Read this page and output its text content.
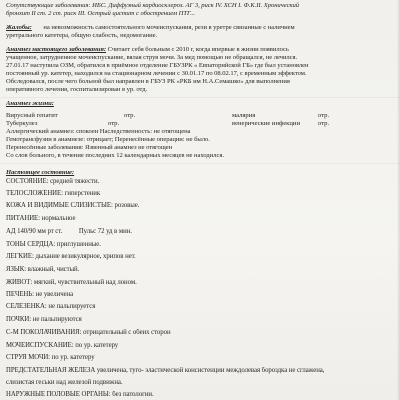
Сопутствующие заболевания: ИБС. Диффузный кардиосклероз. АГ 3, риск IV. ХСН I. Ф.К.II. Хронический
бронхит II ст. 2 ст. риск III. Острый цистит с обострением ПТГ...
Жалобы: на невозможность самостоятельного мочеиспускания, рези в уретре связанные с наличием
уретрального катетера, общую слабость, недомогание.
Анамнез настоящего заболевания: Считает себя больным с 2010 г, когда впервые в жизни появилось
учащенное, затрудненное мочеиспускание, вялая струя мочи. За мед помощью не обращался, не лечился.
27.01.17 наступила ОЗМ, обратился в приёмное отделение ГБУЗРК « Евпаторийской ГБ» где был установлен
постоянный ур. катетер, находился на стационарном лечении с 30.01.17 по 08.02.17, с временным эффектом.
Обследовался, после чего больной был направлен в ГБУЗ РК «РКБ им Н.А.Семашко» для выполнения
оперативного лечения, госпитализирован в ур. отд.
Анамнез жизни:
Вирусный гепатит	отр.	малярия	отр.
Туберкулез	отр.	венерические инфекции	отр.
Аллергический анамнез: спокоен Наследственность: не отягощена
Гемотрансфузии в анамнезе: отрицает; Перенесённые операции: не было.
Перенесённые заболевания: Язвенный анамнез не отягощен
Со слов больного, в течение последних 12 календарных месяцев не находился.
Настоящее состояние:
СОСТОЯНИЕ: средней тяжести.
ТЕЛОСЛОЖЕНИЕ: гиперстеник
КОЖА И ВИДИМЫЕ СЛИЗИСТЫЕ: розовые.
ПИТАНИЕ: нормальное
АД 140/90 мм рт ст.          Пульс 72 уд в мин.
ТОНЫ СЕРДЦА: приглушенные.
ЛЕГКИЕ: дыхание везикулярное, хрипов нет.
ЯЗЫК: влажный, чистый.
ЖИВОТ: мягкий, чувствительный над лоном.
ПЕЧЕНЬ: не увеличена
СЕЛЕЗЕНКА: не пальпируется
ПОЧКИ: не пальпируются
С-М ПОКОЛАЧИВАНИЯ: отрицательный с обеих сторон
МОЧЕИСПУСКАНИЕ: по ур. катетеру
СТРУЯ МОЧИ: по ур. катетеру
ПРЕДСТАТЕЛЬНАЯ ЖЕЛЕЗА увеличена, туго- эластической консистенции междолевая бороздка не сглажена,
слизистая геськи над железой подвижна.
НАРУЖНЫЕ ПОЛОВЫЕ ОРГАНЫ: без патологии.
